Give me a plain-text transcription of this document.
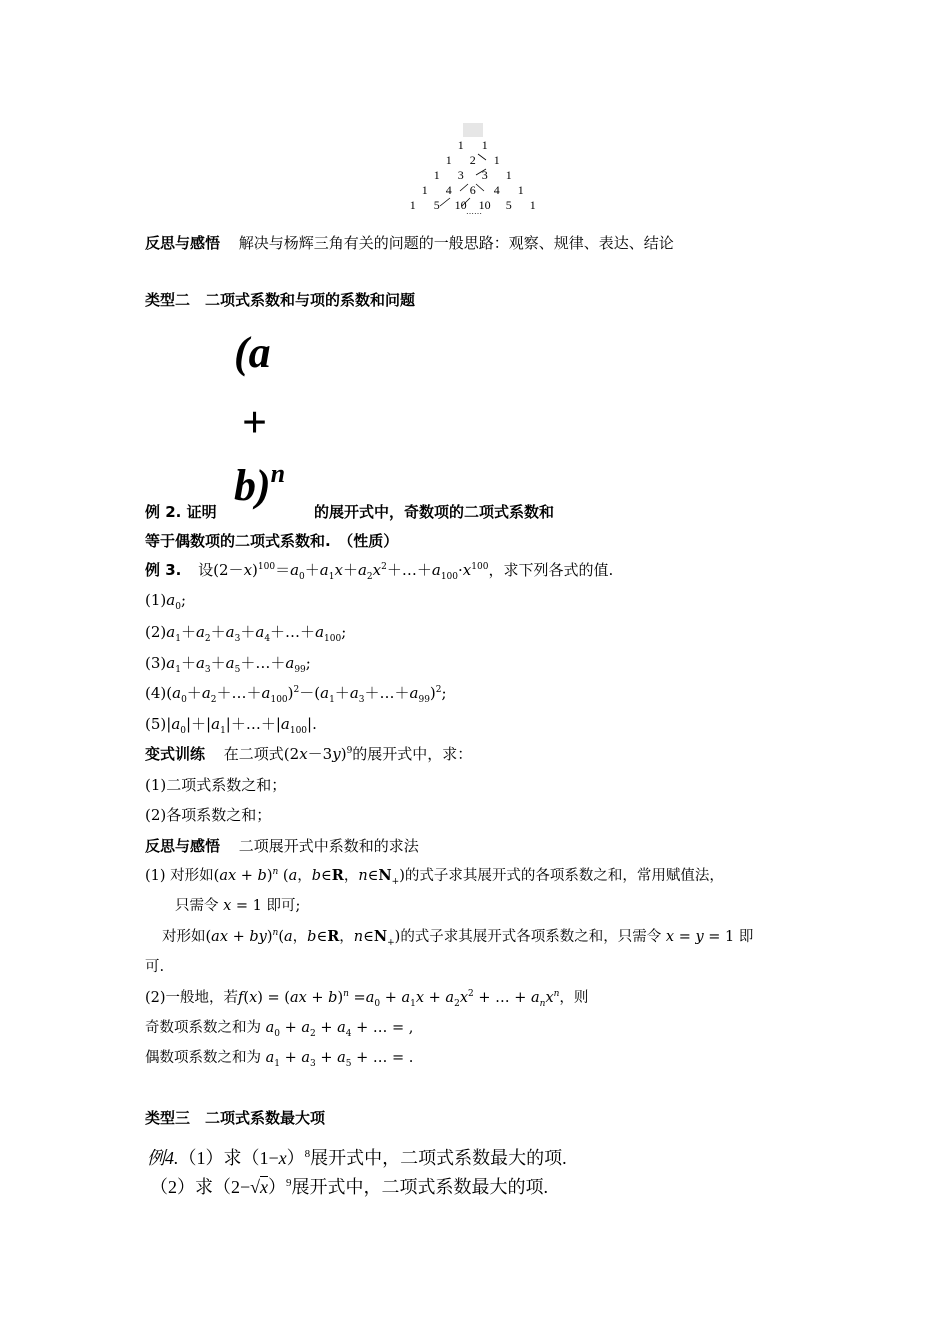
1 1
1 2 1
1 3 3 1
1 4 6 4 1
1 5 10 10 5 1
……
反思与感悟 解决与杨辉三角有关的问题的一般思路：观察、规律、表达、结论
类型二　二项式系数和与项的系数和问题
(a
+
b)$^n$
例 2. 证明	的展开式中，奇数项的二项式系数和
等于偶数项的二项式系数和.　（性质）
例 3. 设$(2-x)^{100}=a_0+a_1x+a_2x^2+\dots+a_{100}\cdot x^{100}$，求下列各式的值.
$(1)a_0$;
$(2)a_1+a_2+a_3+a_4+\dots+a_{100}$;
$(3)a_1+a_3+a_5+\dots+a_{99}$;
$(4)(a_0+a_2+\dots+a_{100})^2-(a_1+a_3+\dots+a_{99})^2$;
$(5)|a_0|+|a_1|+\dots+|a_{100}|$.
变式训练 在二项式$(2x-3y)^9$的展开式中，求：
(1)二项式系数之和；
(2)各项系数之和；
反思与感悟 二项展开式中系数和的求法
(1) 对形如(ax + b)$^n$ (a，b∈R，$n\in N_+$)的式子求其展开式的各项系数之和，常用赋值法，
只需令 x = 1 即可;
对形如(ax + by)$^n$(a，b∈R，$n\in N_+$)的式子求其展开式各项系数之和，只需令 x = y = 1 即
可.
(2)一般地，若$f(x) = (ax + b)^n =a_0 + a_1x + a_2x^2$ + … + $a_nx^n$，则
奇数项系数之和为 $a_0 + a_2 + a_4$ + … = ,
偶数项系数之和为 $a_1 + a_3 + a_5$ + … = .
类型三　二项式系数最大项
例4.（1）求$(1-x)^8$展开式中，二项式系数最大的项.
（2）求$(2-√x)^9$展开式中，二项式系数最大的项.
